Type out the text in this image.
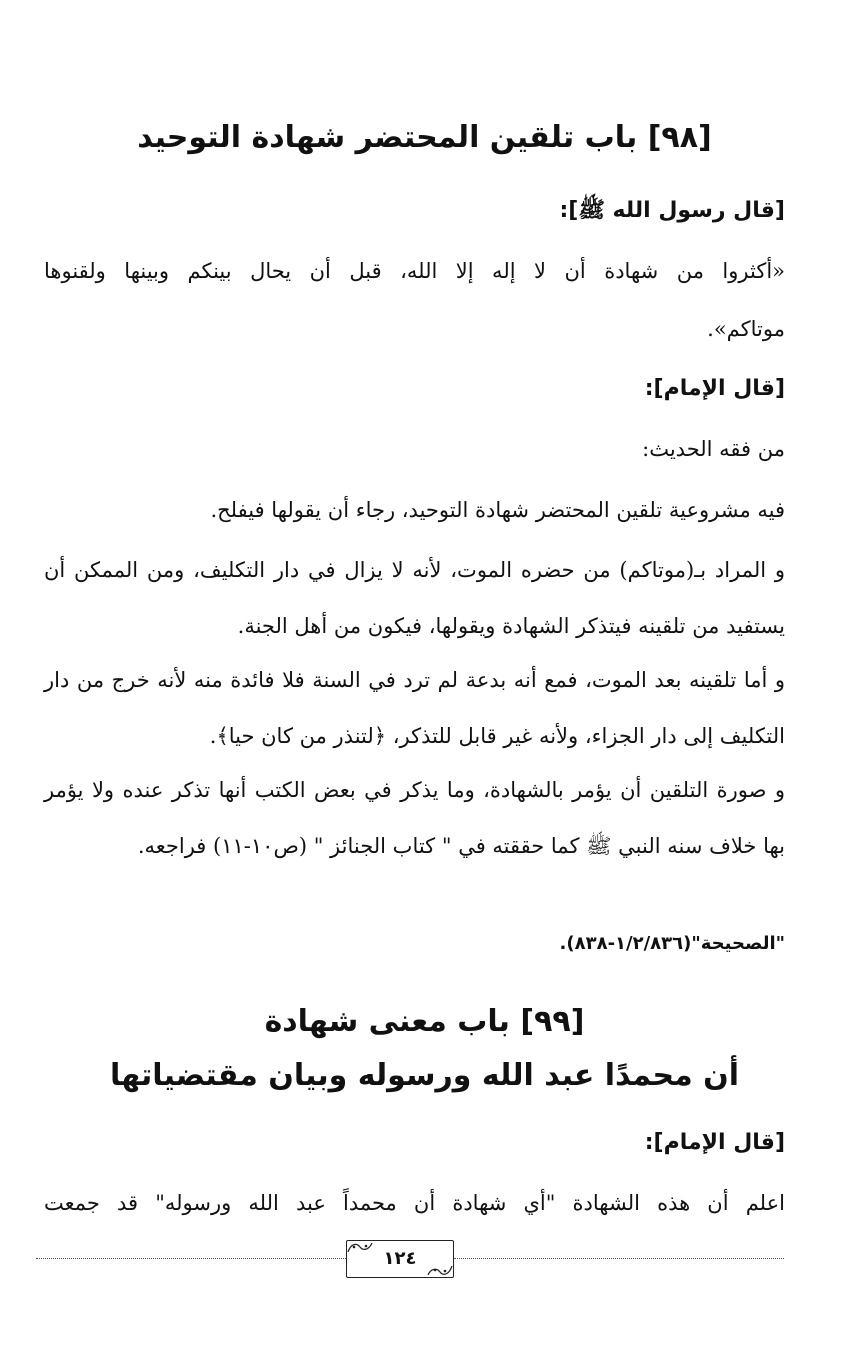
[٩٨] باب تلقين المحتضر شهادة التوحيد
[قال رسول الله ﷺ]:
«أكثروا من شهادة أن لا إله إلا الله، قبل أن يحال بينكم وبينها ولقنوها
موتاكم».
[قال الإمام]:
من فقه الحديث:
فيه مشروعية تلقين المحتضر شهادة التوحيد، رجاء أن يقولها فيفلح.
و المراد بـ(موتاكم) من حضره الموت، لأنه لا يزال في دار التكليف، ومن الممكن أن يستفيد من تلقينه فيتذكر الشهادة ويقولها، فيكون من أهل الجنة.
و أما تلقينه بعد الموت، فمع أنه بدعة لم ترد في السنة فلا فائدة منه لأنه خرج من دار التكليف إلى دار الجزاء، ولأنه غير قابل للتذكر، ﴿لتنذر من كان حيا﴾.
و صورة التلقين أن يؤمر بالشهادة، وما يذكر في بعض الكتب أنها تذكر عنده ولا يؤمر بها خلاف سنه النبي ﷺ كما حققته في " كتاب الجنائز " (ص١٠-١١) فراجعه.
"الصحيحة"(١/٢/٨٣٦-٨٣٨).
[٩٩] باب معنى شهادة
أن محمدًا عبد الله ورسوله وبيان مقتضياتها
[قال الإمام]:
اعلم أن هذه الشهادة "أي شهادة أن محمداً عبد الله ورسوله" قد جمعت
١٢٤
